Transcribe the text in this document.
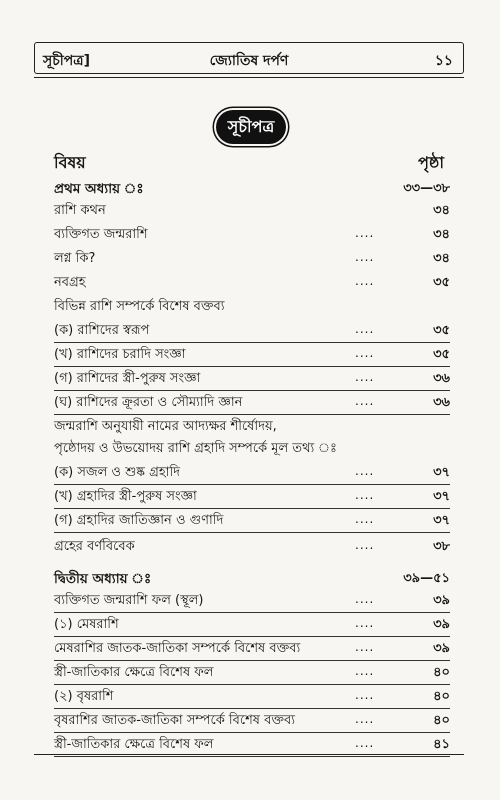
সূচীপত্র]	জ্যোতিষ দর্পণ	১১
সূচীপত্র
বিষয়	পৃষ্ঠা
প্রথম অধ্যায় ঃ	৩৩—৩৮
রাশি কথন	৩৪
ব্যক্তিগত জন্মরাশি	....	৩৪
লগ্ন কি?	....	৩৪
নবগ্রহ	....	৩৫
বিভিন্ন রাশি সম্পর্কে বিশেষ বক্তব্য
(ক) রাশিদের স্বরূপ	....	৩৫
(খ) রাশিদের চরাদি সংজ্ঞা	....	৩৫
(গ) রাশিদের স্ত্রী-পুরুষ সংজ্ঞা	....	৩৬
(ঘ) রাশিদের ক্রূরতা ও সৌম্যাদি জ্ঞান	....	৩৬
জন্মরাশি অনুযায়ী নামের আদ্যক্ষর শীর্ষোদয়,
পৃষ্ঠোদয় ও উভয়োদয় রাশি গ্রহাদি সম্পর্কে মূল তথ্য ঃ
(ক) সজল ও শুষ্ক গ্রহাদি	....	৩৭
(খ) গ্রহাদির স্ত্রী-পুরুষ সংজ্ঞা	....	৩৭
(গ) গ্রহাদির জাতিজ্ঞান ও গুণাদি	....	৩৭
গ্রহের বর্ণবিবেক	....	৩৮
দ্বিতীয় অধ্যায় ঃ	৩৯—৫১
ব্যক্তিগত জন্মরাশি ফল (স্থূল)	....	৩৯
(১) মেষরাশি	....	৩৯
মেষরাশির জাতক-জাতিকা সম্পর্কে বিশেষ বক্তব্য	....	৩৯
স্ত্রী-জাতিকার ক্ষেত্রে বিশেষ ফল	....	৪০
(২) বৃষরাশি	....	৪০
বৃষরাশির জাতক-জাতিকা সম্পর্কে বিশেষ বক্তব্য	....	৪০
স্ত্রী-জাতিকার ক্ষেত্রে বিশেষ ফল	....	৪১
